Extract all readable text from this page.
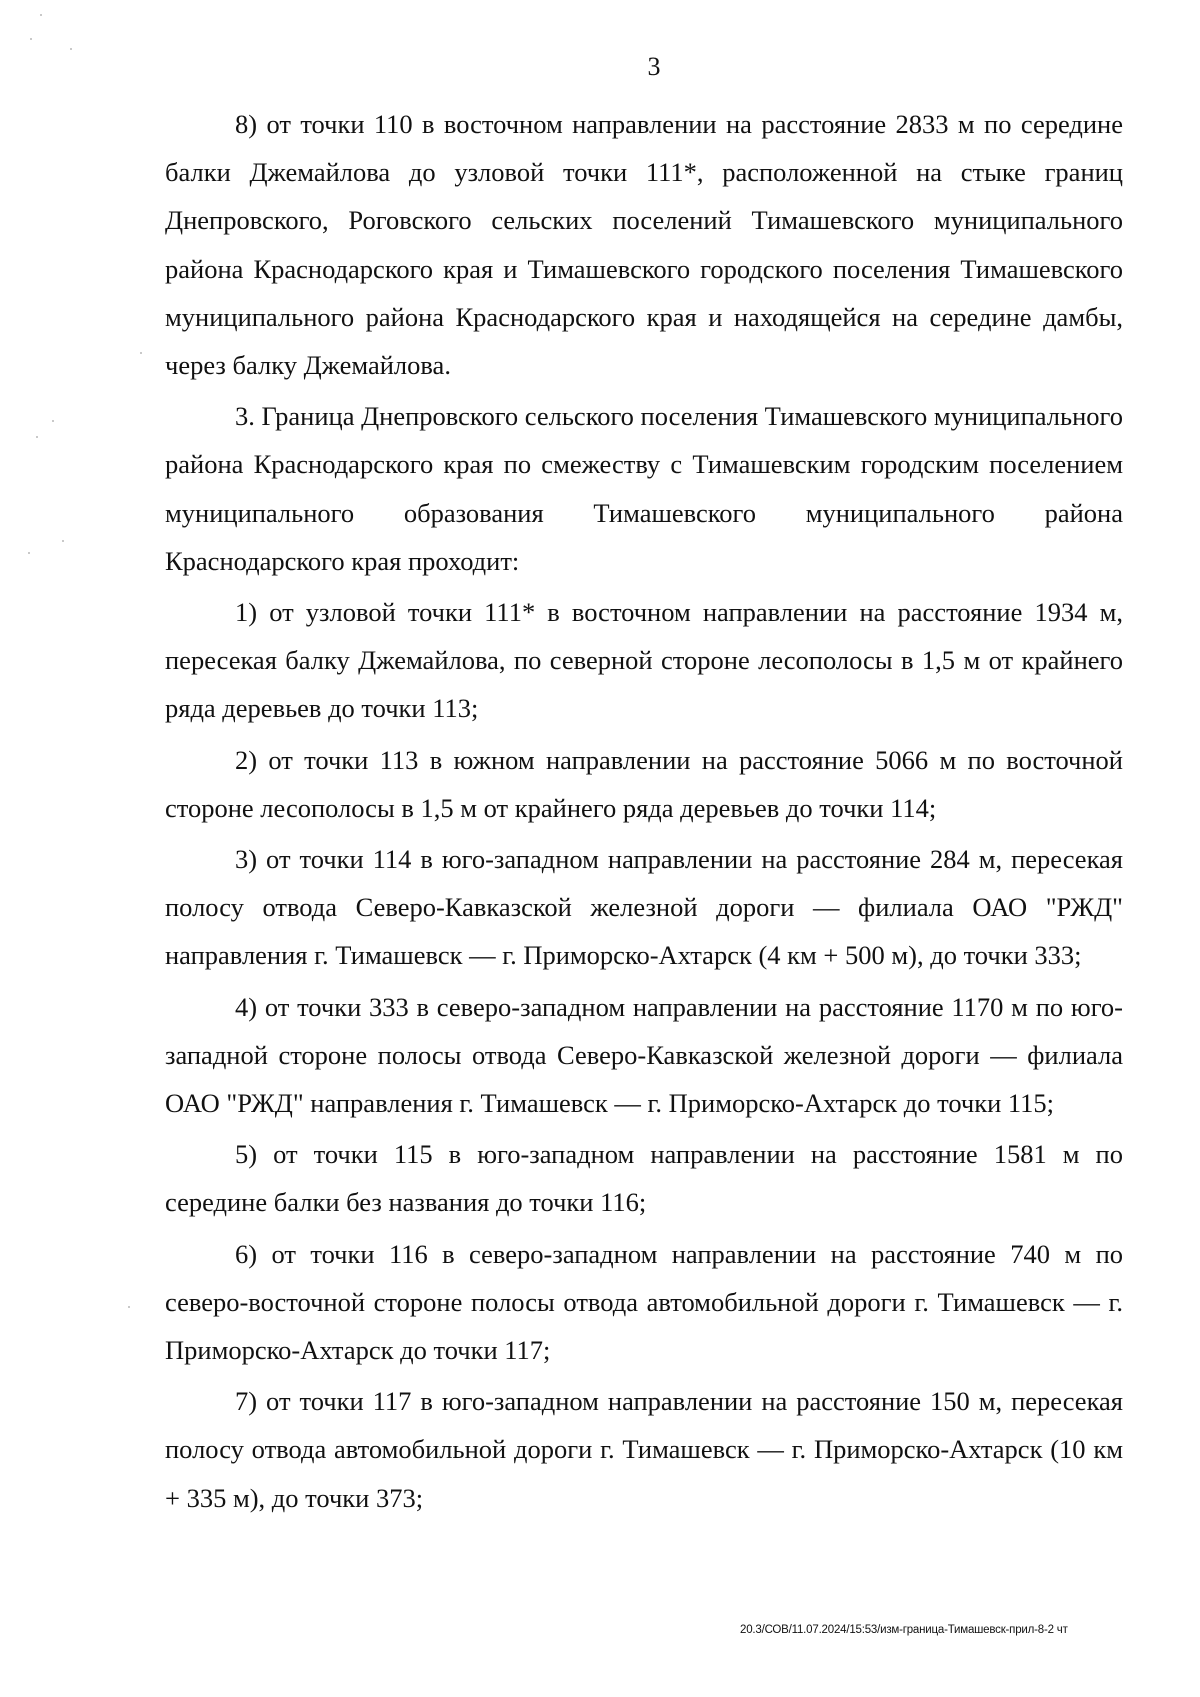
3

8) от точки 110 в восточном направлении на расстояние 2833 м по середине балки Джемайлова до узловой точки 111*, расположенной на стыке границ Днепровского, Роговского сельских поселений Тимашевского муниципального района Краснодарского края и Тимашевского городского поселения Тимашевского муниципального района Краснодарского края и находящейся на середине дамбы, через балку Джемайлова.

3. Граница Днепровского сельского поселения Тимашевского муниципального района Краснодарского края по смежеству с Тимашевским городским поселением муниципального образования Тимашевского муниципального района Краснодарского края проходит:

1) от узловой точки 111* в восточном направлении на расстояние 1934 м, пересекая балку Джемайлова, по северной стороне лесополосы в 1,5 м от крайнего ряда деревьев до точки 113;

2) от точки 113 в южном направлении на расстояние 5066 м по восточной стороне лесополосы в 1,5 м от крайнего ряда деревьев до точки 114;

3) от точки 114 в юго-западном направлении на расстояние 284 м, пересекая полосу отвода Северо-Кавказской железной дороги — филиала ОАО "РЖД" направления г. Тимашевск — г. Приморско-Ахтарск (4 км + 500 м), до точки 333;

4) от точки 333 в северо-западном направлении на расстояние 1170 м по юго-западной стороне полосы отвода Северо-Кавказской железной дороги — филиала ОАО "РЖД" направления г. Тимашевск — г. Приморско-Ахтарск до точки 115;

5) от точки 115 в юго-западном направлении на расстояние 1581 м по середине балки без названия до точки 116;

6) от точки 116 в северо-западном направлении на расстояние 740 м по северо-восточной стороне полосы отвода автомобильной дороги г. Тимашевск — г. Приморско-Ахтарск до точки 117;

7) от точки 117 в юго-западном направлении на расстояние 150 м, пересекая полосу отвода автомобильной дороги г. Тимашевск — г. Приморско-Ахтарск (10 км + 335 м), до точки 373;

20.3/СОВ/11.07.2024/15:53/изм-граница-Тимашевск-прил-8-2 чт
